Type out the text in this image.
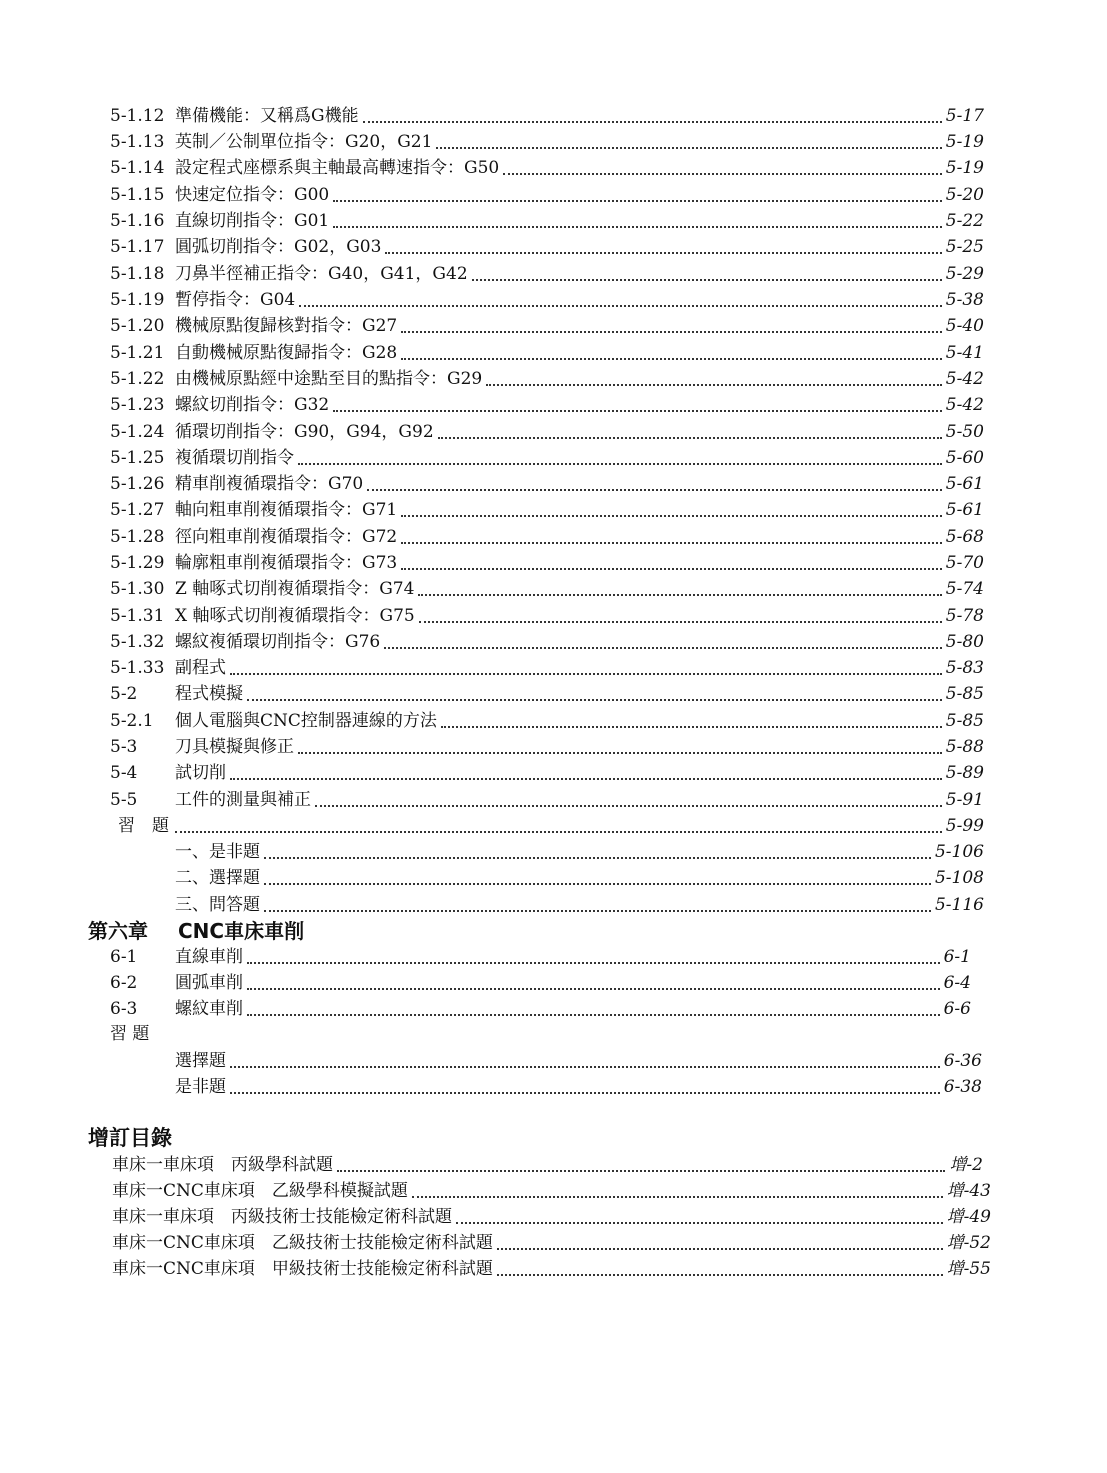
5-1.12 準備機能：又稱爲G機能	5-17
5-1.13 英制／公制單位指令：G20，G21	5-19
5-1.14 設定程式座標系與主軸最高轉速指令：G50	5-19
5-1.15 快速定位指令：G00	5-20
5-1.16 直線切削指令：G01	5-22
5-1.17 圓弧切削指令：G02，G03	5-25
5-1.18 刀鼻半徑補正指令：G40，G41，G42	5-29
5-1.19 暫停指令：G04	5-38
5-1.20 機械原點復歸核對指令：G27	5-40
5-1.21 自動機械原點復歸指令：G28	5-41
5-1.22 由機械原點經中途點至目的點指令：G29	5-42
5-1.23 螺紋切削指令：G32	5-42
5-1.24 循環切削指令：G90，G94，G92	5-50
5-1.25 複循環切削指令	5-60
5-1.26 精車削複循環指令：G70	5-61
5-1.27 軸向粗車削複循環指令：G71	5-61
5-1.28 徑向粗車削複循環指令：G72	5-68
5-1.29 輪廓粗車削複循環指令：G73	5-70
5-1.30 Z 軸啄式切削複循環指令：G74	5-74
5-1.31 X 軸啄式切削複循環指令：G75	5-78
5-1.32 螺紋複循環切削指令：G76	5-80
5-1.33 副程式	5-83
5-2 程式模擬	5-85
5-2.1 個人電腦與CNC控制器連線的方法	5-85
5-3 刀具模擬與修正	5-88
5-4 試切削	5-89
5-5 工件的測量與補正	5-91
習　題	5-99
一、是非題	5-106
二、選擇題	5-108
三、問答題	5-116
第六章 CNC車床車削
6-1 直線車削	6-1
6-2 圓弧車削	6-4
6-3 螺紋車削	6-6
習 題
選擇題	6-36
是非題	6-38
增訂目錄
車床一車床項　丙級學科試題	增-2
車床一CNC車床項　乙級學科模擬試題	增-43
車床一車床項　丙級技術士技能檢定術科試題	增-49
車床一CNC車床項　乙級技術士技能檢定術科試題	增-52
車床一CNC車床項　甲級技術士技能檢定術科試題	增-55
